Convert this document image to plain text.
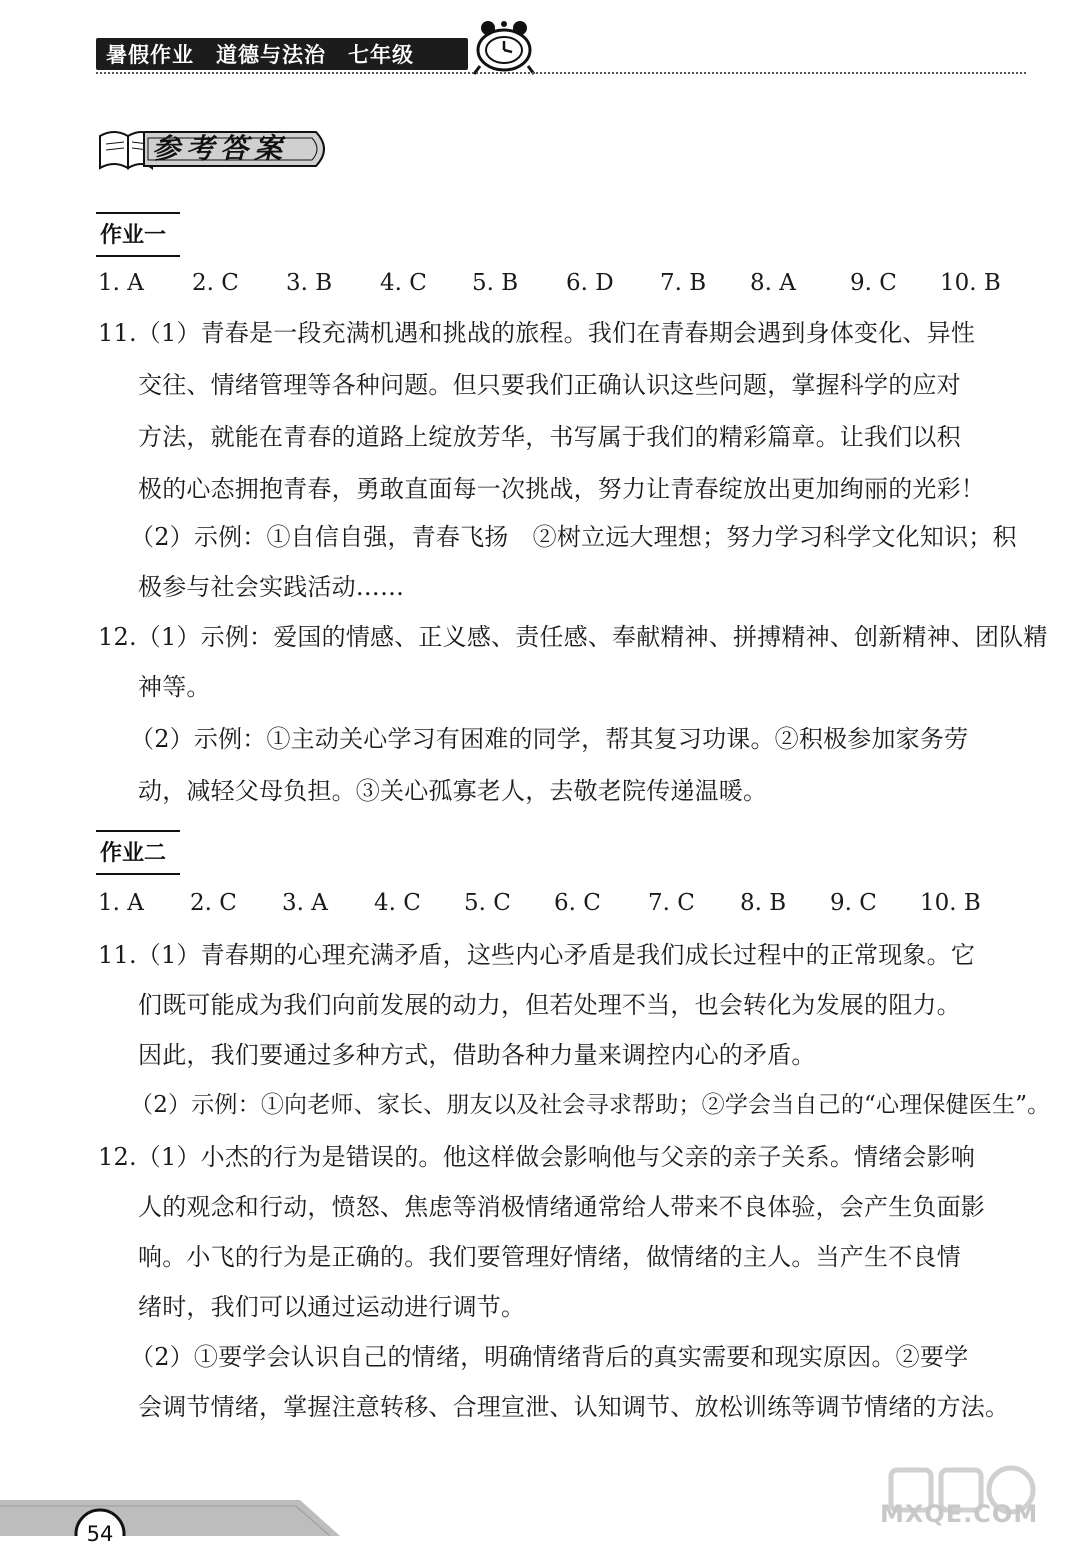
暑假作业 道德与法治 七年级
参考答案
作业一
1. A 2. C 3. B 4. C 5. B 6. D 7. B 8. A 9. C 10. B
11.（1）青春是一段充满机遇和挑战的旅程。我们在青春期会遇到身体变化、异性
交往、情绪管理等各种问题。但只要我们正确认识这些问题，掌握科学的应对
方法，就能在青春的道路上绽放芳华，书写属于我们的精彩篇章。让我们以积
极的心态拥抱青春，勇敢直面每一次挑战，努力让青春绽放出更加绚丽的光彩！
（2）示例：①自信自强，青春飞扬　②树立远大理想；努力学习科学文化知识；积
极参与社会实践活动……
12.（1）示例：爱国的情感、正义感、责任感、奉献精神、拼搏精神、创新精神、团队精
神等。
（2）示例：①主动关心学习有困难的同学，帮其复习功课。②积极参加家务劳
动，减轻父母负担。③关心孤寡老人，去敬老院传递温暖。
作业二
1. A 2. C 3. A 4. C 5. C 6. C 7. C 8. B 9. C 10. B
11.（1）青春期的心理充满矛盾，这些内心矛盾是我们成长过程中的正常现象。它
们既可能成为我们向前发展的动力，但若处理不当，也会转化为发展的阻力。
因此，我们要通过多种方式，借助各种力量来调控内心的矛盾。
（2）示例：①向老师、家长、朋友以及社会寻求帮助；②学会当自己的“心理保健医生”。
12.（1）小杰的行为是错误的。他这样做会影响他与父亲的亲子关系。情绪会影响
人的观念和行动，愤怒、焦虑等消极情绪通常给人带来不良体验，会产生负面影
响。小飞的行为是正确的。我们要管理好情绪，做情绪的主人。当产生不良情
绪时，我们可以通过运动进行调节。
（2）①要学会认识自己的情绪，明确情绪背后的真实需要和现实原因。②要学
会调节情绪，掌握注意转移、合理宣泄、认知调节、放松训练等调节情绪的方法。
54
MXQE.COM
